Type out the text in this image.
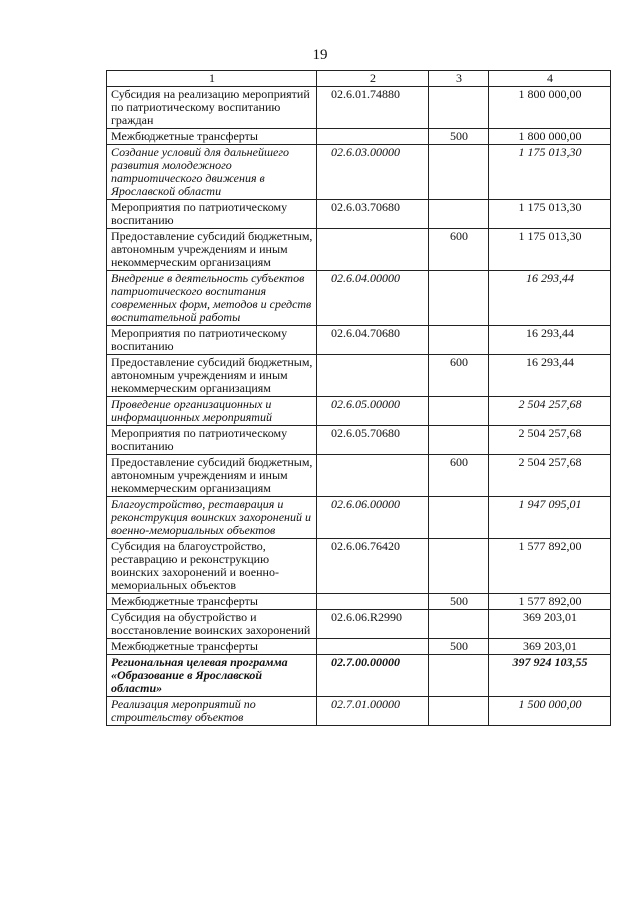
19
1	2	3	4
Субсидия на реализацию мероприятий по патриотическому воспитанию граждан	02.6.01.74880		1 800 000,00
Межбюджетные трансферты		500	1 800 000,00
Создание условий для дальнейшего развития молодежного патриотического движения в Ярославской области	02.6.03.00000		1 175 013,30
Мероприятия по патриотическому воспитанию	02.6.03.70680		1 175 013,30
Предоставление субсидий бюджетным, автономным учреждениям и иным некоммерческим организациям		600	1 175 013,30
Внедрение в деятельность субъектов патриотического воспитания современных форм, методов и средств воспитательной работы	02.6.04.00000		16 293,44
Мероприятия по патриотическому воспитанию	02.6.04.70680		16 293,44
Предоставление субсидий бюджетным, автономным учреждениям и иным некоммерческим организациям		600	16 293,44
Проведение организационных и информационных мероприятий	02.6.05.00000		2 504 257,68
Мероприятия по патриотическому воспитанию	02.6.05.70680		2 504 257,68
Предоставление субсидий бюджетным, автономным учреждениям и иным некоммерческим организациям		600	2 504 257,68
Благоустройство, реставрация и реконструкция воинских захоронений и военно-мемориальных объектов	02.6.06.00000		1 947 095,01
Субсидия на благоустройство, реставрацию и реконструкцию воинских захоронений и военно-мемориальных объектов	02.6.06.76420		1 577 892,00
Межбюджетные трансферты		500	1 577 892,00
Субсидия на обустройство и восстановление воинских захоронений	02.6.06.R2990		369 203,01
Межбюджетные трансферты		500	369 203,01
Региональная целевая программа «Образование в Ярославской области»	02.7.00.00000		397 924 103,55
Реализация мероприятий по строительству объектов	02.7.01.00000		1 500 000,00
